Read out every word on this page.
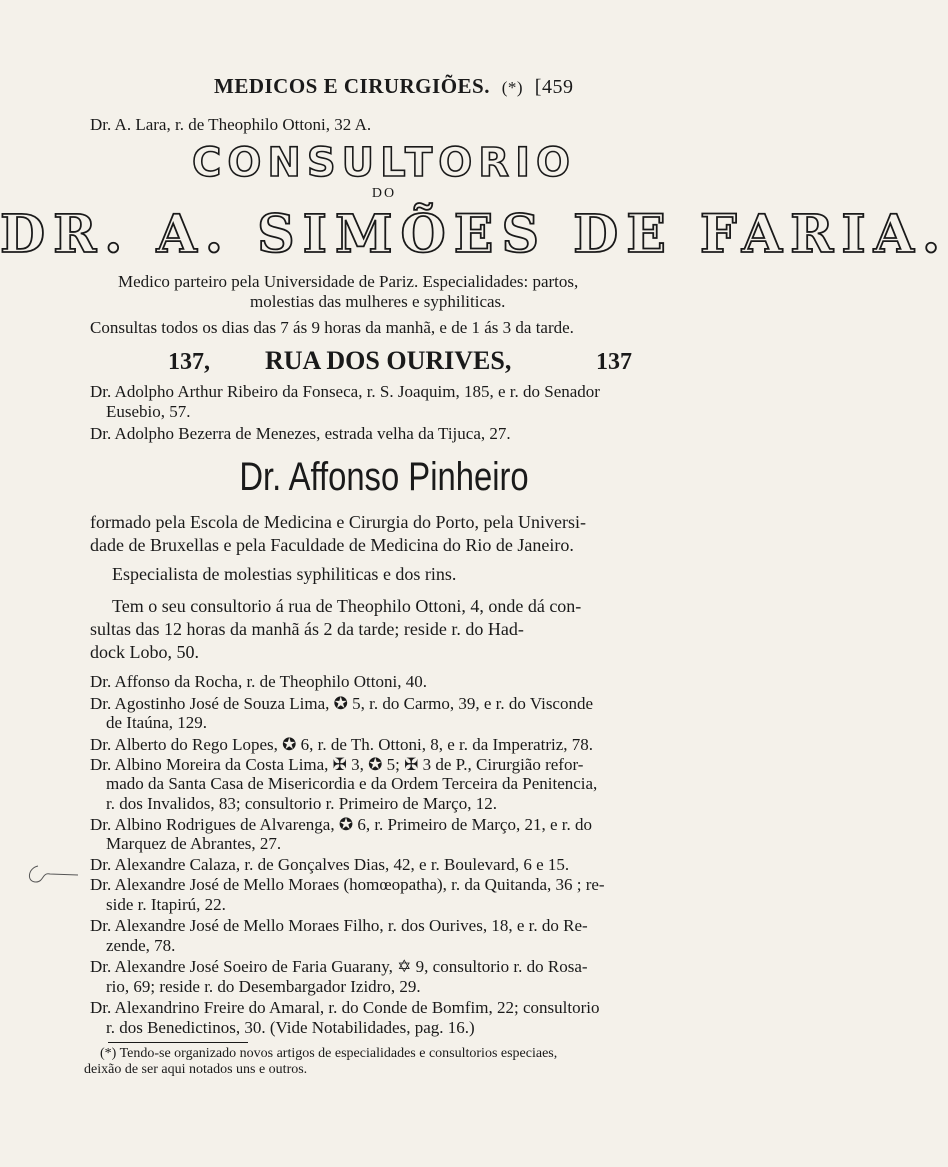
MEDICOS E CIRURGIÕES. (*) [459
Dr. A. Lara, r. de Theophilo Ottoni, 32 A.
CONSULTORIO
DO
DR. A. SIMÕES DE FARIA.
Medico parteiro pela Universidade de Pariz. Especialidades: partos,
molestias das mulheres e syphiliticas.
Consultas todos os dias das 7 ás 9 horas da manhã, e de 1 ás 3 da tarde.
137, RUA DOS OURIVES,	137
Dr. Adolpho Arthur Ribeiro da Fonseca, r. S. Joaquim, 185, e r. do Senador
Eusebio, 57.
Dr. Adolpho Bezerra de Menezes, estrada velha da Tijuca, 27.
Dr. Affonso Pinheiro
formado pela Escola de Medicina e Cirurgia do Porto, pela Universi-
dade de Bruxellas e pela Faculdade de Medicina do Rio de Janeiro.
Especialista de molestias syphiliticas e dos rins.
Tem o seu consultorio á rua de Theophilo Ottoni, 4, onde dá con-
sultas das 12 horas da manhã ás 2 da tarde; reside r. do Had-
dock Lobo, 50.
Dr. Affonso da Rocha, r. de Theophilo Ottoni, 40.
Dr. Agostinho José de Souza Lima, ✪ 5, r. do Carmo, 39, e r. do Visconde
de Itaúna, 129.
Dr. Alberto do Rego Lopes, ✪ 6, r. de Th. Ottoni, 8, e r. da Imperatriz, 78.
Dr. Albino Moreira da Costa Lima, ✠ 3, ✪ 5; ✠ 3 de P., Cirurgião refor-
mado da Santa Casa de Misericordia e da Ordem Terceira da Penitencia,
r. dos Invalidos, 83; consultorio r. Primeiro de Março, 12.
Dr. Albino Rodrigues de Alvarenga, ✪ 6, r. Primeiro de Março, 21, e r. do
Marquez de Abrantes, 27.
Dr. Alexandre Calaza, r. de Gonçalves Dias, 42, e r. Boulevard, 6 e 15.
Dr. Alexandre José de Mello Moraes (homœopatha), r. da Quitanda, 36 ; re-
side r. Itapirú, 22.
Dr. Alexandre José de Mello Moraes Filho, r. dos Ourives, 18, e r. do Re-
zende, 78.
Dr. Alexandre José Soeiro de Faria Guarany, ✡ 9, consultorio r. do Rosa-
rio, 69; reside r. do Desembargador Izidro, 29.
Dr. Alexandrino Freire do Amaral, r. do Conde de Bomfim, 22; consultorio
r. dos Benedictinos, 30. (Vide Notabilidades, pag. 16.)
(*) Tendo-se organizado novos artigos de especialidades e consultorios especiaes,
deixão de ser aqui notados uns e outros.
